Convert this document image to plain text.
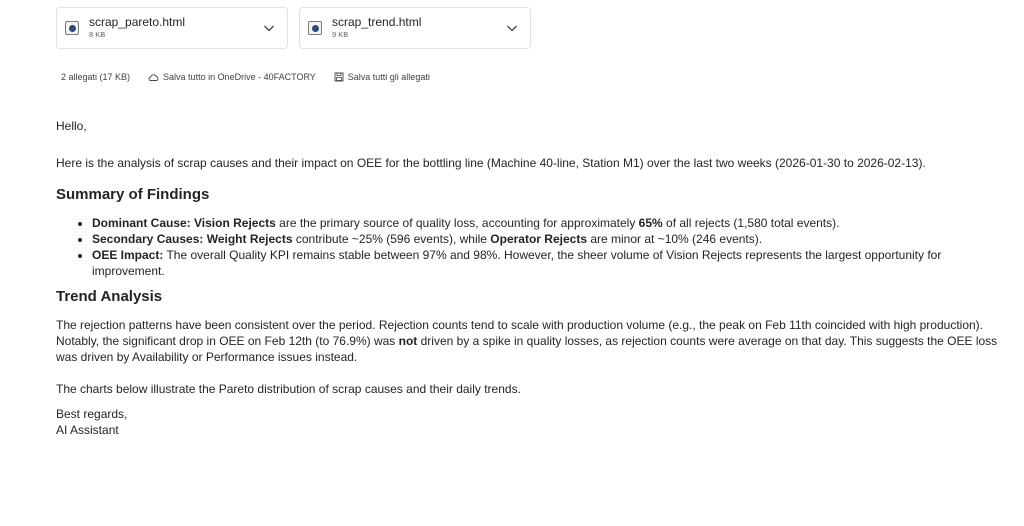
scrap_pareto.html
8 KB
scrap_trend.html
9 KB
2 allegati (17 KB)	Salva tutto in OneDrive - 40FACTORY	Salva tutti gli allegati

Hello,

Here is the analysis of scrap causes and their impact on OEE for the bottling line (Machine 40-line, Station M1) over the last two weeks (2026-01-30 to 2026-02-13).

Summary of Findings
• Dominant Cause: Vision Rejects are the primary source of quality loss, accounting for approximately 65% of all rejects (1,580 total events).
• Secondary Causes: Weight Rejects contribute ~25% (596 events), while Operator Rejects are minor at ~10% (246 events).
• OEE Impact: The overall Quality KPI remains stable between 97% and 98%. However, the sheer volume of Vision Rejects represents the largest opportunity for improvement.
Trend Analysis

The rejection patterns have been consistent over the period. Rejection counts tend to scale with production volume (e.g., the peak on Feb 11th coincided with high production). Notably, the significant drop in OEE on Feb 12th (to 76.9%) was not driven by a spike in quality losses, as rejection counts were average on that day. This suggests the OEE loss was driven by Availability or Performance issues instead.

The charts below illustrate the Pareto distribution of scrap causes and their daily trends.

Best regards,

AI Assistant
